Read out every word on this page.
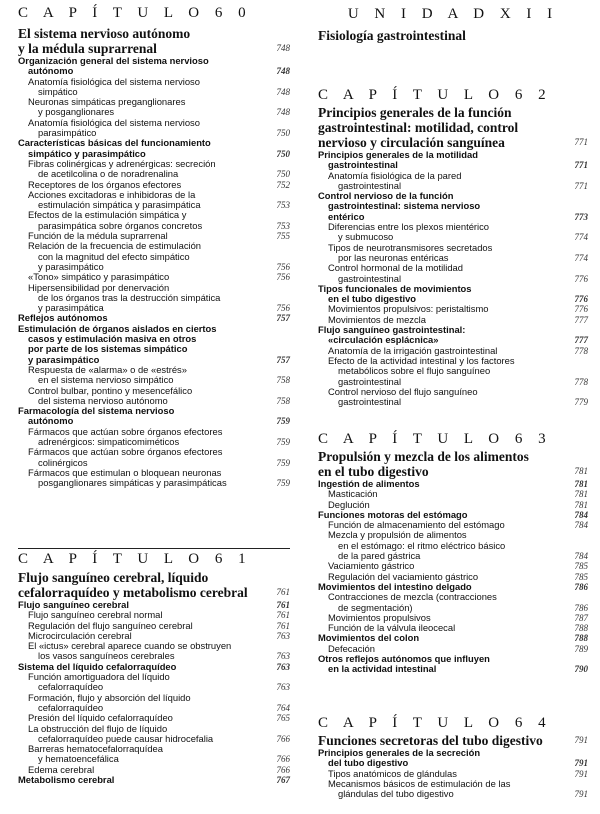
C A P Í T U L O 6 0
El sistema nervioso autónomo
y la médula suprarrenal	748
Organización general del sistema nervioso
autónomo	748
Anatomía fisiológica del sistema nervioso
simpático	748
Neuronas simpáticas preganglionares
y posganglionares	748
Anatomía fisiológica del sistema nervioso
parasimpático	750
Características básicas del funcionamiento
simpático y parasimpático	750
Fibras colinérgicas y adrenérgicas: secreción
de acetilcolina o de noradrenalina	750
Receptores de los órganos efectores	752
Acciones excitadoras e inhibidoras de la
estimulación simpática y parasimpática	753
Efectos de la estimulación simpática y
parasimpática sobre órganos concretos	753
Función de la médula suprarrenal	755
Relación de la frecuencia de estimulación
con la magnitud del efecto simpático
y parasimpático	756
«Tono» simpático y parasimpático	756
Hipersensibilidad por denervación
de los órganos tras la destrucción simpática
y parasimpática	756
Reflejos autónomos	757
Estimulación de órganos aislados en ciertos
casos y estimulación masiva en otros
por parte de los sistemas simpático
y parasimpático	757
Respuesta de «alarma» o de «estrés»
en el sistema nervioso simpático	758
Control bulbar, pontino y mesencefálico
del sistema nervioso autónomo	758
Farmacología del sistema nervioso
autónomo	759
Fármacos que actúan sobre órganos efectores
adrenérgicos: simpaticomiméticos	759
Fármacos que actúan sobre órganos efectores
colinérgicos	759
Fármacos que estimulan o bloquean neuronas
posganglionares simpáticas y parasimpáticas	759
C A P Í T U L O 6 1
Flujo sanguíneo cerebral, líquido
cefalorraquídeo y metabolismo cerebral	761
Flujo sanguíneo cerebral	761
Flujo sanguíneo cerebral normal	761
Regulación del flujo sanguíneo cerebral	761
Microcirculación cerebral	763
El «ictus» cerebral aparece cuando se obstruyen
los vasos sanguíneos cerebrales	763
Sistema del líquido cefalorraquídeo	763
Función amortiguadora del líquido
cefalorraquídeo	763
Formación, flujo y absorción del líquido
cefalorraquídeo	764
Presión del líquido cefalorraquídeo	765
La obstrucción del flujo de líquido
cefalorraquídeo puede causar hidrocefalia	766
Barreras hematocefalorraquídea
y hematoencefálica	766
Edema cerebral	766
Metabolismo cerebral	767
U N I D A D X I I
Fisiología gastrointestinal
C A P Í T U L O 6 2
Principios generales de la función
gastrointestinal: motilidad, control
nervioso y circulación sanguínea	771
Principios generales de la motilidad
gastrointestinal	771
Anatomía fisiológica de la pared
gastrointestinal	771
Control nervioso de la función
gastrointestinal: sistema nervioso
entérico	773
Diferencias entre los plexos mientérico
y submucoso	774
Tipos de neurotransmisores secretados
por las neuronas entéricas	774
Control hormonal de la motilidad
gastrointestinal	776
Tipos funcionales de movimientos
en el tubo digestivo	776
Movimientos propulsivos: peristaltismo	776
Movimientos de mezcla	777
Flujo sanguíneo gastrointestinal:
«circulación esplácnica»	777
Anatomía de la irrigación gastrointestinal	778
Efecto de la actividad intestinal y los factores
metabólicos sobre el flujo sanguíneo
gastrointestinal	778
Control nervioso del flujo sanguíneo
gastrointestinal	779
C A P Í T U L O 6 3
Propulsión y mezcla de los alimentos
en el tubo digestivo	781
Ingestión de alimentos	781
Masticación	781
Deglución	781
Funciones motoras del estómago	784
Función de almacenamiento del estómago	784
Mezcla y propulsión de alimentos
en el estómago: el ritmo eléctrico básico
de la pared gástrica	784
Vaciamiento gástrico	785
Regulación del vaciamiento gástrico	785
Movimientos del intestino delgado	786
Contracciones de mezcla (contracciones
de segmentación)	786
Movimientos propulsivos	787
Función de la válvula ileocecal	788
Movimientos del colon	788
Defecación	789
Otros reflejos autónomos que influyen
en la actividad intestinal	790
C A P Í T U L O 6 4
Funciones secretoras del tubo digestivo	791
Principios generales de la secreción
del tubo digestivo	791
Tipos anatómicos de glándulas	791
Mecanismos básicos de estimulación de las
glándulas del tubo digestivo	791
